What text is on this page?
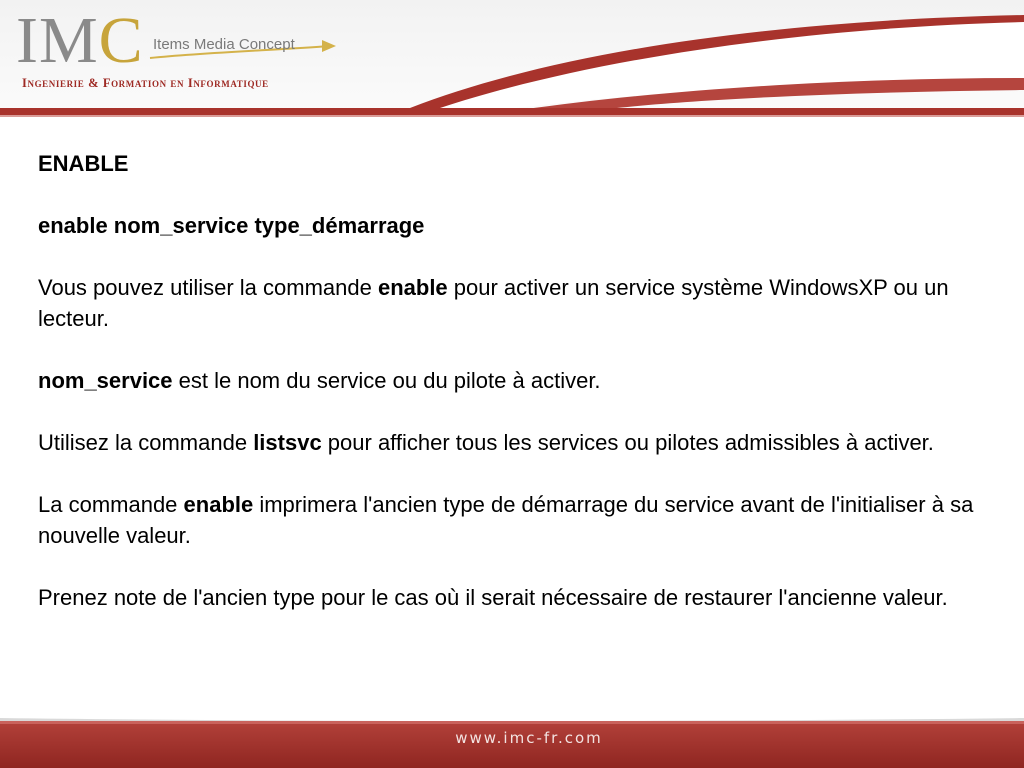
IMC Items Media Concept
Ingenierie & Formation en Informatique

ENABLE

enable nom_service type_démarrage

Vous pouvez utiliser la commande enable pour activer un service système WindowsXP ou un lecteur.

nom_service est le nom du service ou du pilote à activer.

Utilisez la commande listsvc pour afficher tous les services ou pilotes admissibles à activer.

La commande enable imprimera l'ancien type de démarrage du service avant de l'initialiser à sa nouvelle valeur.

Prenez note de l'ancien type pour le cas où il serait nécessaire de restaurer l'ancienne valeur.

www.imc-fr.com
